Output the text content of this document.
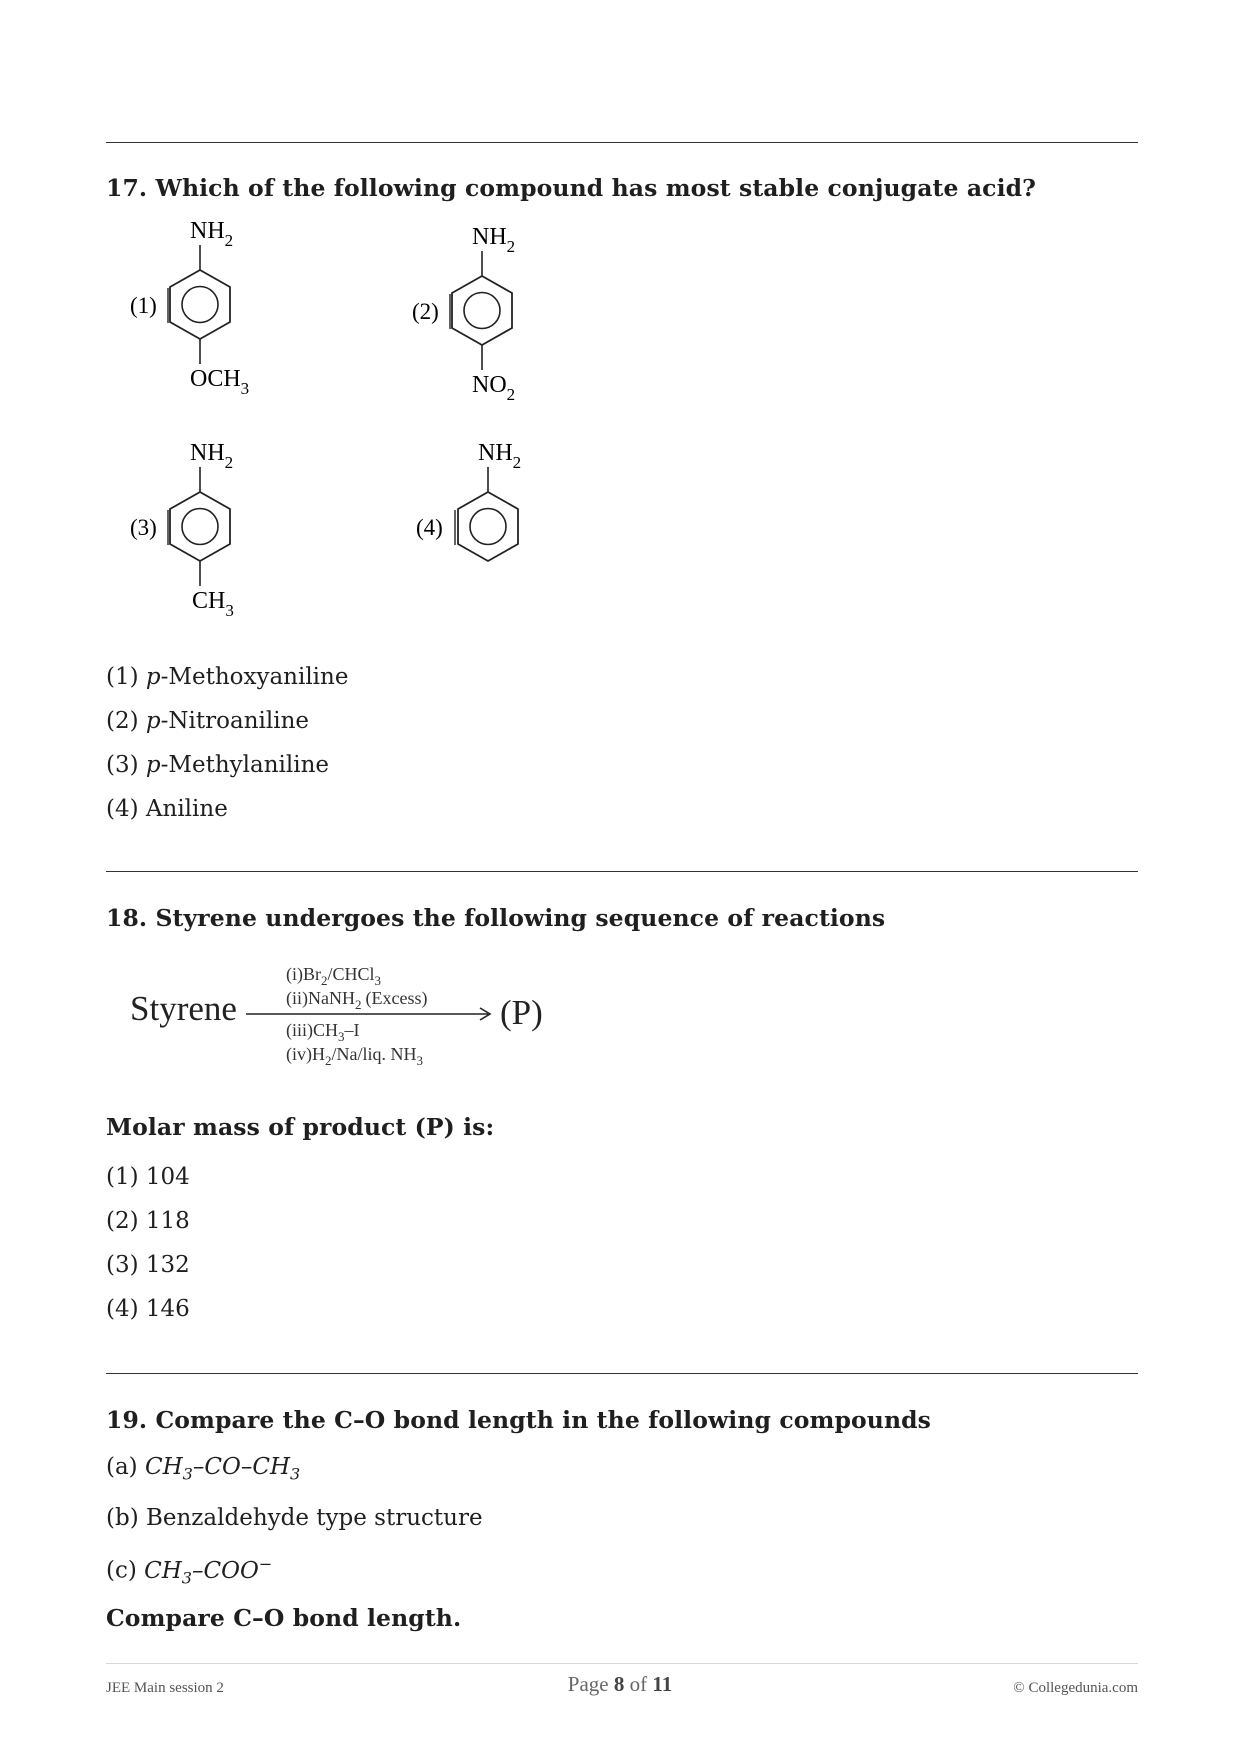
17. Which of the following compound has most stable conjugate acid?
$NH_2$
$OCH_3$
(1)
$NH_2$
$NO_2$
(2)
$NH_2$
$CH_3$
(3)
$NH_2$
(4)
(1) p-Methoxyaniline
(2) p-Nitroaniline
(3) p-Methylaniline
(4) Aniline
18. Styrene undergoes the following sequence of reactions
Styrene	(P)
$(i)Br_2/CHCl_3$
(ii)NaNH$_2$ (Excess)
$(iii)CH_3-I$
$(iv)H_2/Na$/liq. $NH_3$
Molar mass of product (P) is:
(1) 104
(2) 118
(3) 132
(4) 146
19. Compare the C–O bond length in the following compounds
(a) $CH_3-CO-CH_3$
(b) Benzaldehyde type structure
(c) $CH_3-COO^-$
Compare C–O bond length.
JEE Main session 2	Page 8 of 11	© Collegedunia.com
